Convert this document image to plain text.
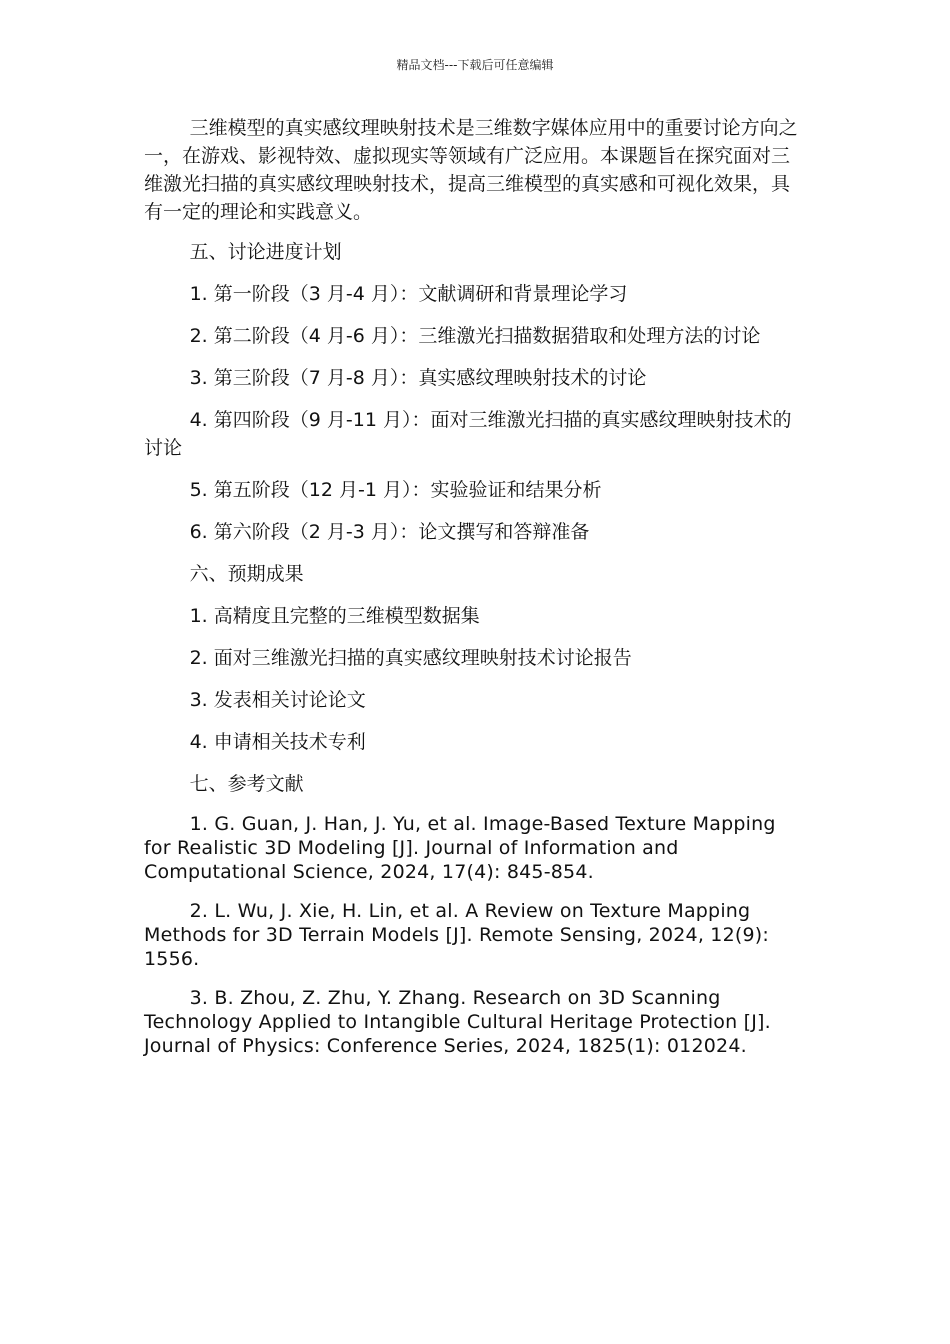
精品文档---下载后可任意编辑

三维模型的真实感纹理映射技术是三维数字媒体应用中的重要讨论方向之一，在游戏、影视特效、虚拟现实等领域有广泛应用。本课题旨在探究面对三维激光扫描的真实感纹理映射技术，提高三维模型的真实感和可视化效果，具有一定的理论和实践意义。

五、讨论进度计划

1. 第一阶段（3 月-4 月）：文献调研和背景理论学习

2. 第二阶段（4 月-6 月）：三维激光扫描数据猎取和处理方法的讨论

3. 第三阶段（7 月-8 月）：真实感纹理映射技术的讨论

4. 第四阶段（9 月-11 月）：面对三维激光扫描的真实感纹理映射技术的讨论

5. 第五阶段（12 月-1 月）：实验验证和结果分析

6. 第六阶段（2 月-3 月）：论文撰写和答辩准备

六、预期成果

1. 高精度且完整的三维模型数据集

2. 面对三维激光扫描的真实感纹理映射技术讨论报告

3. 发表相关讨论论文

4. 申请相关技术专利

七、参考文献

1. G. Guan, J. Han, J. Yu, et al. Image-Based Texture Mapping for Realistic 3D Modeling [J]. Journal of Information and Computational Science, 2024, 17(4): 845-854.

2. L. Wu, J. Xie, H. Lin, et al. A Review on Texture Mapping Methods for 3D Terrain Models [J]. Remote Sensing, 2024, 12(9): 1556.

3. B. Zhou, Z. Zhu, Y. Zhang. Research on 3D Scanning Technology Applied to Intangible Cultural Heritage Protection [J]. Journal of Physics: Conference Series, 2024, 1825(1): 012024.
